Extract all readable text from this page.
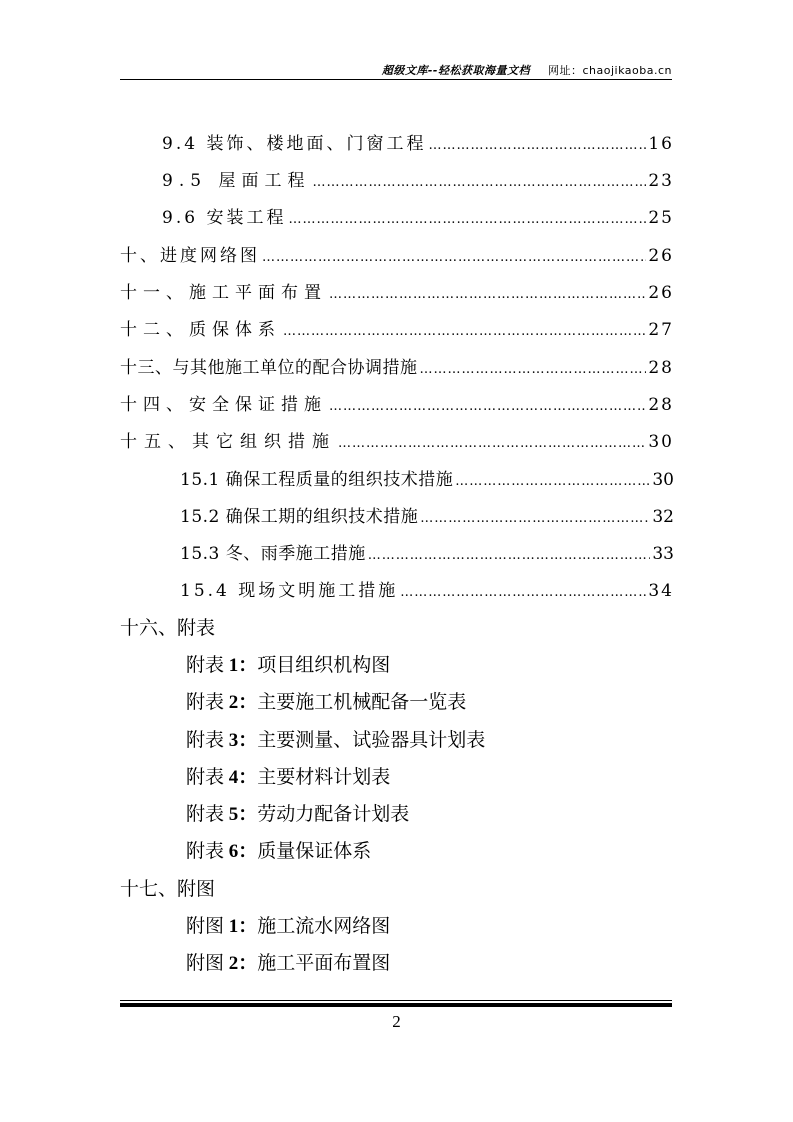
超级文库--轻松获取海量文档 网址：chaojikaoba.cn
9.4 装饰、楼地面、门窗工程 ……………………………………………………………………………………………………………………………………………………	16
9.5 屋面工程 ……………………………………………………………………………………………………………………………………………………	23
9.6 安装工程 ……………………………………………………………………………………………………………………………………………………	25
十、进度网络图 ……………………………………………………………………………………………………………………………………………………	26
十一、施工平面布置 ……………………………………………………………………………………………………………………………………………………	26
十二、质保体系 ……………………………………………………………………………………………………………………………………………………	27
十三、与其他施工单位的配合协调措施 ……………………………………………………………………………………………………………………………………………………	28
十四、安全保证措施 ……………………………………………………………………………………………………………………………………………………	28
十五、其它组织措施 ……………………………………………………………………………………………………………………………………………………	30
15.1 确保工程质量的组织技术措施 ……………………………………………………………………………………………………………………………………………………	30
15.2 确保工期的组织技术措施 ……………………………………………………………………………………………………………………………………………………	32
15.3 冬、雨季施工措施 ……………………………………………………………………………………………………………………………………………………	33
15.4 现场文明施工措施 ……………………………………………………………………………………………………………………………………………………	34
十六、附表
附表 1：项目组织机构图
附表 2：主要施工机械配备一览表
附表 3：主要测量、试验器具计划表
附表 4：主要材料计划表
附表 5：劳动力配备计划表
附表 6：质量保证体系
十七、附图
附图 1：施工流水网络图
附图 2：施工平面布置图
2
